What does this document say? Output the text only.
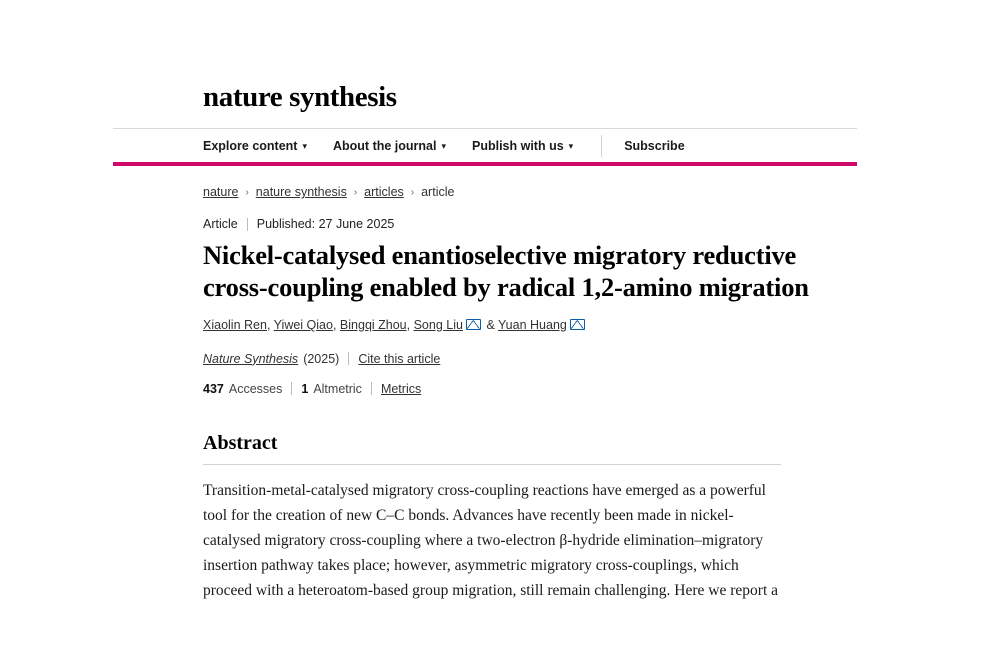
nature synthesis
Explore content ▾ About the journal ▾ Publish with us ▾	Subscribe
nature › nature synthesis › articles › article
Article Published: 27 June 2025
Nickel-catalysed enantioselective migratory reductive cross-coupling enabled by radical 1,2-amino migration
Xiaolin Ren, Yiwei Qiao, Bingqi Zhou, Song Liu & Yuan Huang
Nature Synthesis (2025) Cite this article
437 Accesses 1 Altmetric Metrics
Abstract

Transition-metal-catalysed migratory cross-coupling reactions have emerged as a powerful tool for the creation of new C–C bonds. Advances have recently been made in nickel-catalysed migratory cross-coupling where a two-electron β-hydride elimination–migratory insertion pathway takes place; however, asymmetric migratory cross-couplings, which proceed with a heteroatom-based group migration, still remain challenging. Here we report a
